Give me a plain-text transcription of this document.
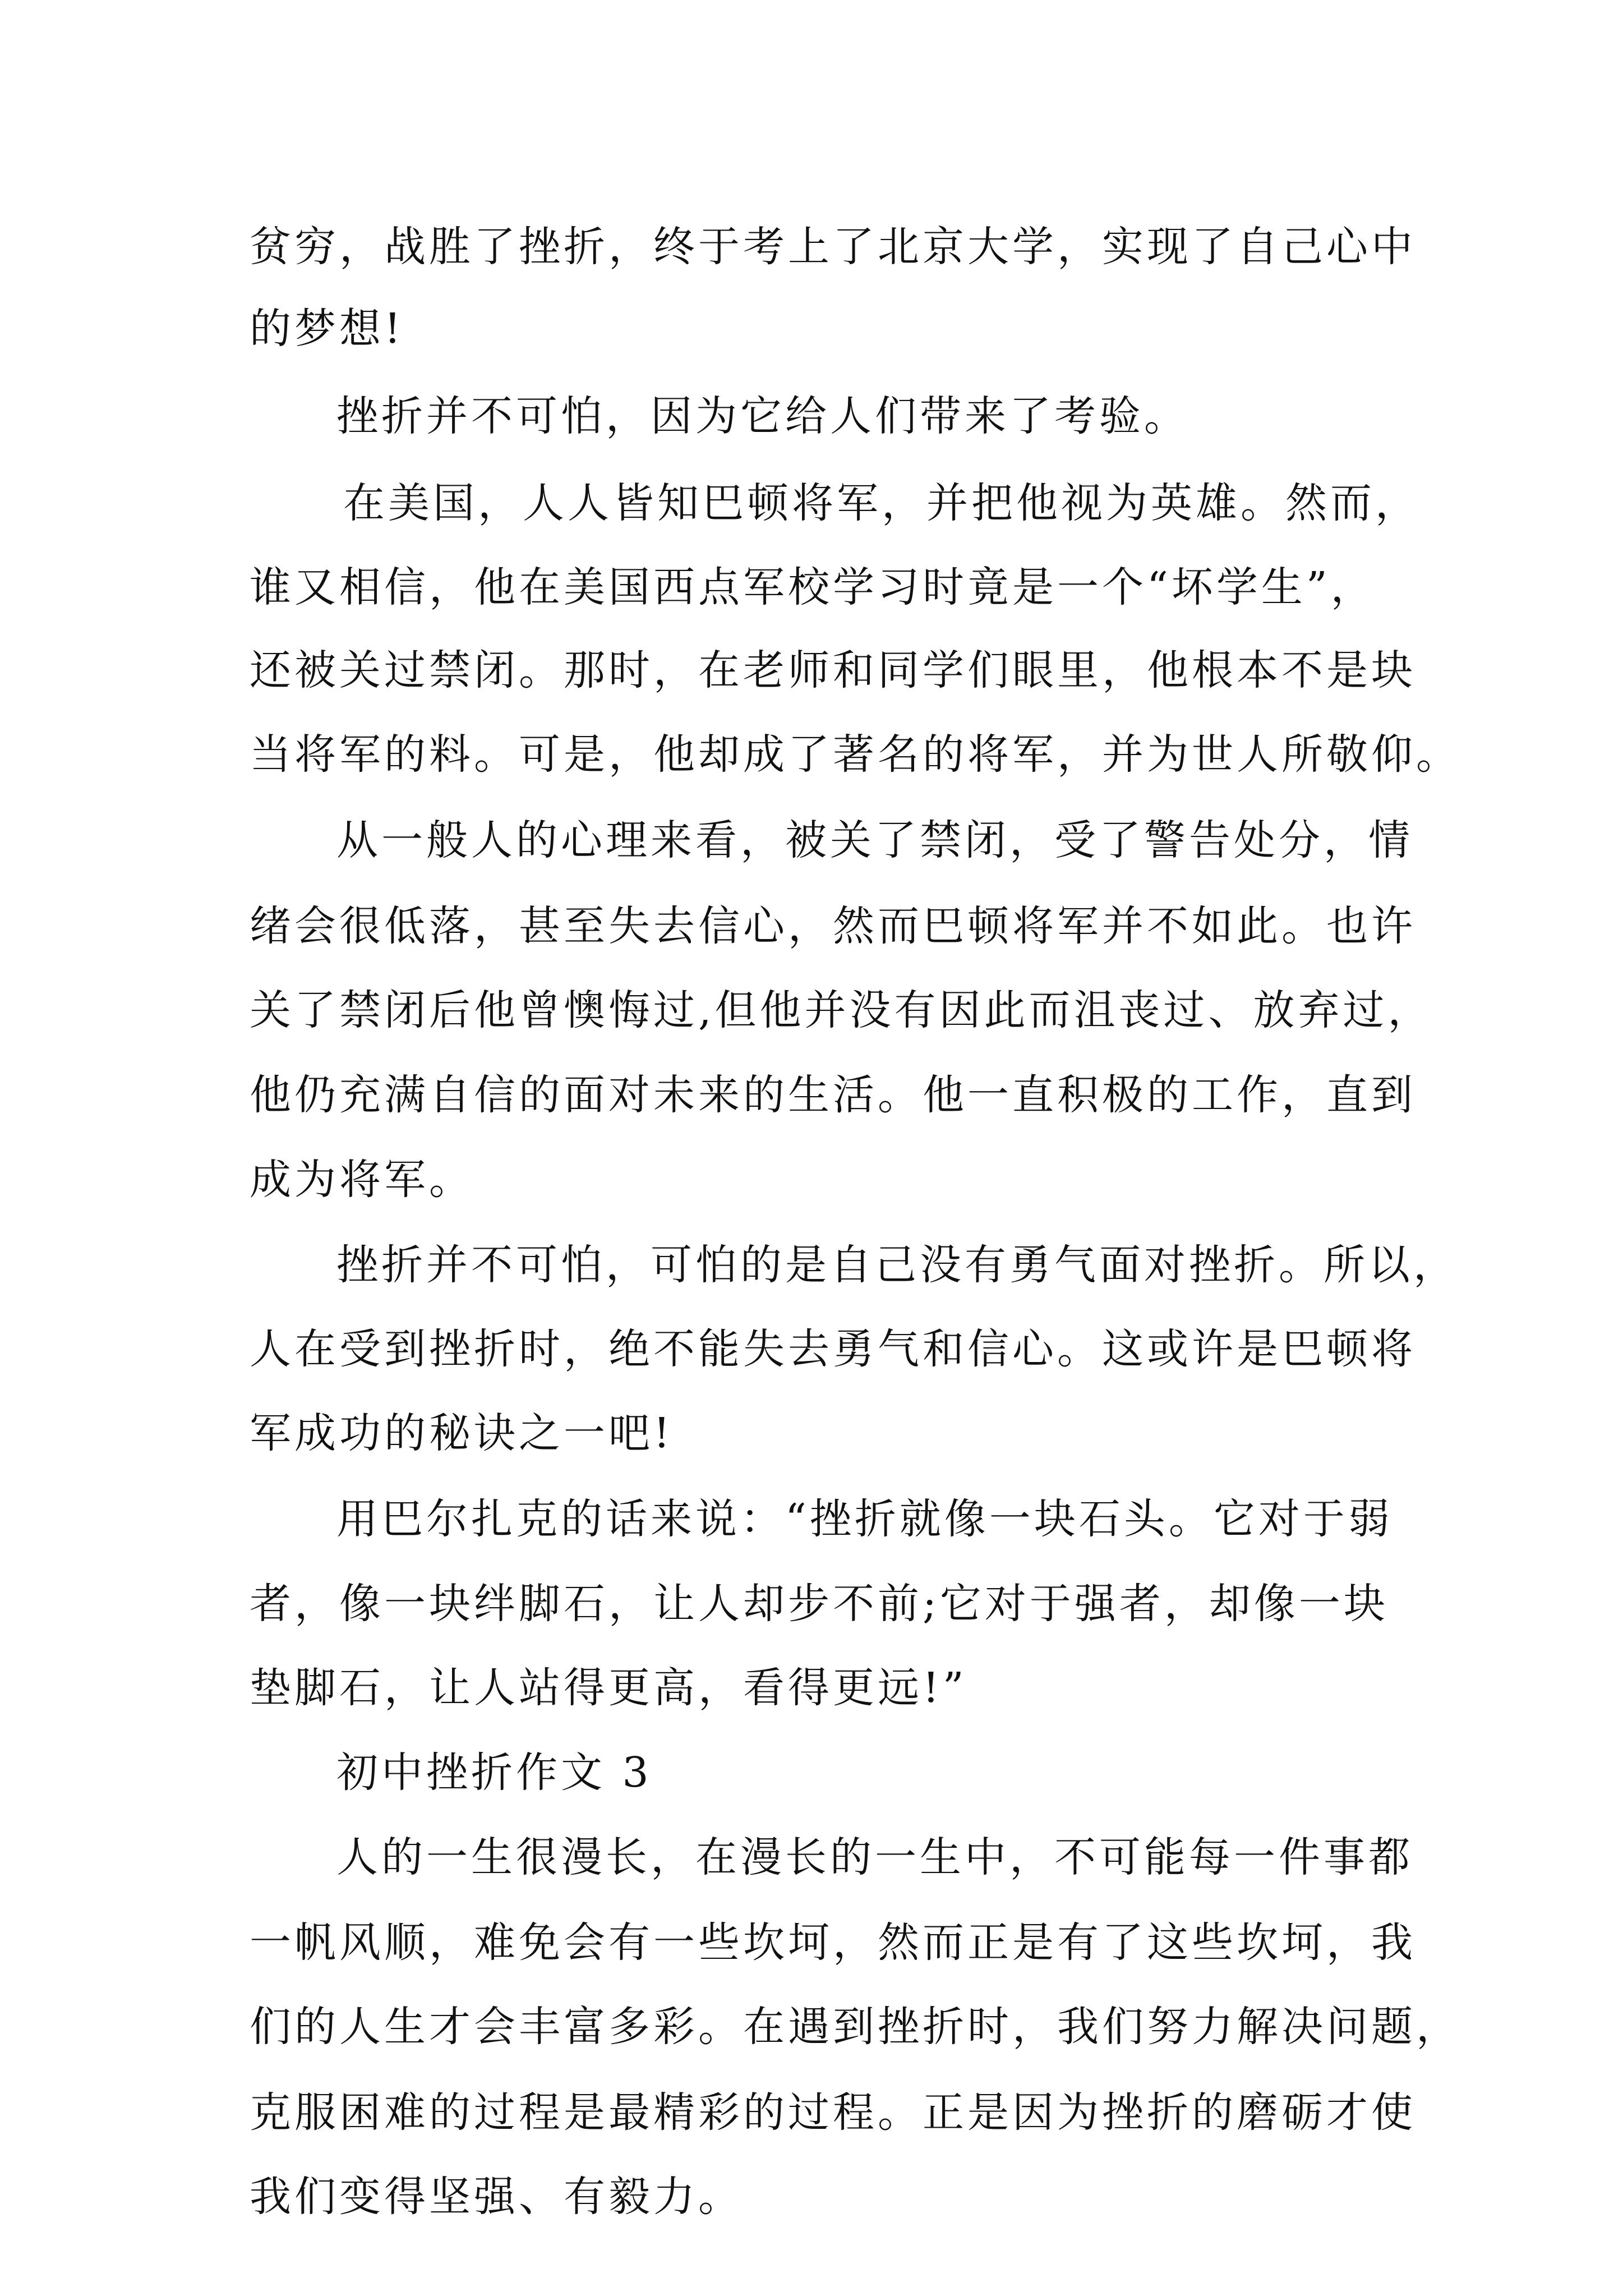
贫穷，战胜了挫折，终于考上了北京大学，实现了自己心中
的梦想!
挫折并不可怕，因为它给人们带来了考验。
在美国，人人皆知巴顿将军，并把他视为英雄。然而，
谁又相信，他在美国西点军校学习时竟是一个“坏学生”，
还被关过禁闭。那时，在老师和同学们眼里，他根本不是块
当将军的料。可是，他却成了著名的将军，并为世人所敬仰。
从一般人的心理来看，被关了禁闭，受了警告处分，情
绪会很低落，甚至失去信心，然而巴顿将军并不如此。也许
关了禁闭后他曾懊悔过,但他并没有因此而沮丧过、放弃过，
他仍充满自信的面对未来的生活。他一直积极的工作，直到
成为将军。
挫折并不可怕，可怕的是自己没有勇气面对挫折。所以，
人在受到挫折时，绝不能失去勇气和信心。这或许是巴顿将
军成功的秘诀之一吧!
用巴尔扎克的话来说：“挫折就像一块石头。它对于弱
者，像一块绊脚石，让人却步不前;它对于强者，却像一块
垫脚石，让人站得更高，看得更远!”
初中挫折作文 3
人的一生很漫长，在漫长的一生中，不可能每一件事都
一帆风顺，难免会有一些坎坷，然而正是有了这些坎坷，我
们的人生才会丰富多彩。在遇到挫折时，我们努力解决问题，
克服困难的过程是最精彩的过程。正是因为挫折的磨砺才使
我们变得坚强、有毅力。
